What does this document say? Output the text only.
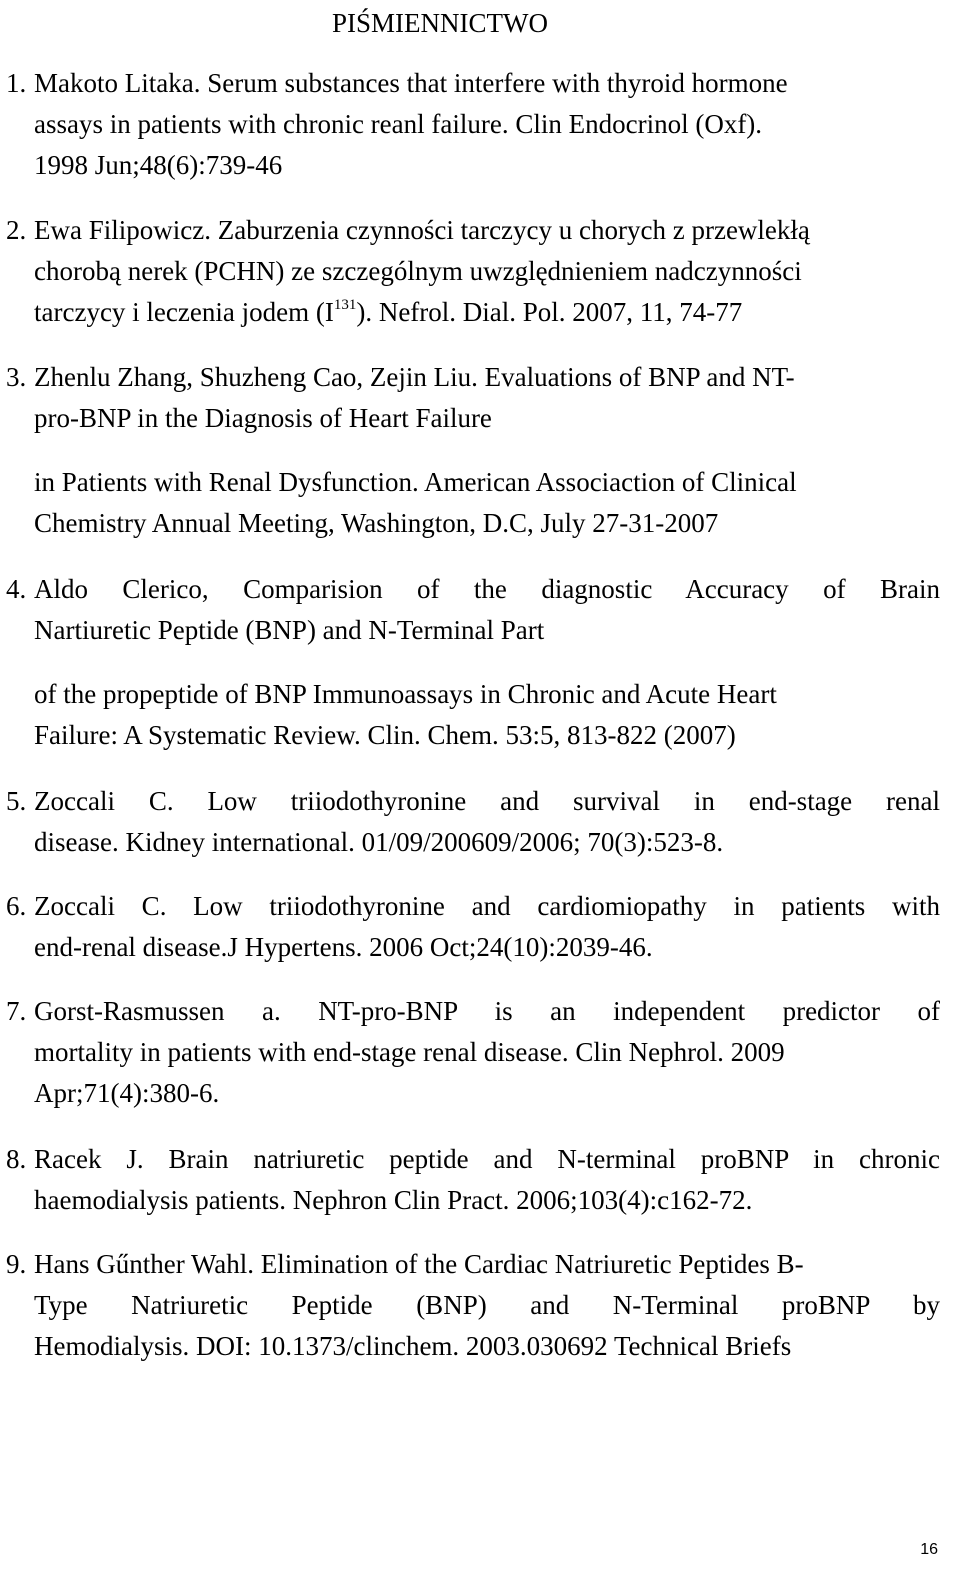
PIŚMIENNICTWO
1. Makoto Litaka. Serum substances that interfere with thyroid hormone
assays in patients with chronic reanl failure. Clin Endocrinol (Oxf).
1998 Jun;48(6):739-46
2. Ewa Filipowicz. Zaburzenia czynności tarczycy u chorych z przewlekłą
chorobą nerek (PCHN) ze szczególnym uwzględnieniem nadczynności
tarczycy i leczenia jodem $(I^{131})$. Nefrol. Dial. Pol. 2007, 11, 74-77
3. Zhenlu Zhang, Shuzheng Cao, Zejin Liu. Evaluations of BNP and NT-
pro-BNP in the Diagnosis of Heart Failure
in Patients with Renal Dysfunction. American Associaction of Clinical
Chemistry Annual Meeting, Washington, D.C, July 27-31-2007
4. Aldo Clerico, Comparision of the diagnostic Accuracy of Brain
Nartiuretic Peptide (BNP) and N-Terminal Part
of the propeptide of BNP Immunoassays in Chronic and Acute Heart
Failure: A Systematic Review. Clin. Chem. 53:5, 813-822 (2007)
5. Zoccali C. Low triiodothyronine and survival in end-stage renal
disease. Kidney international. 01/09/200609/2006; 70(3):523-8.
6. Zoccali C. Low triiodothyronine and cardiomiopathy in patients with
end-renal disease.J Hypertens. 2006 Oct;24(10):2039-46.
7. Gorst-Rasmussen a. NT-pro-BNP is an independent predictor of
mortality in patients with end-stage renal disease. Clin Nephrol. 2009
Apr;71(4):380-6.
8. Racek J. Brain natriuretic peptide and N-terminal proBNP in chronic
haemodialysis patients. Nephron Clin Pract. 2006;103(4):c162-72.
9. Hans Gűnther Wahl. Elimination of the Cardiac Natriuretic Peptides B-
Type Natriuretic Peptide (BNP) and N-Terminal proBNP by
Hemodialysis. DOI: 10.1373/clinchem. 2003.030692 Technical Briefs
16
